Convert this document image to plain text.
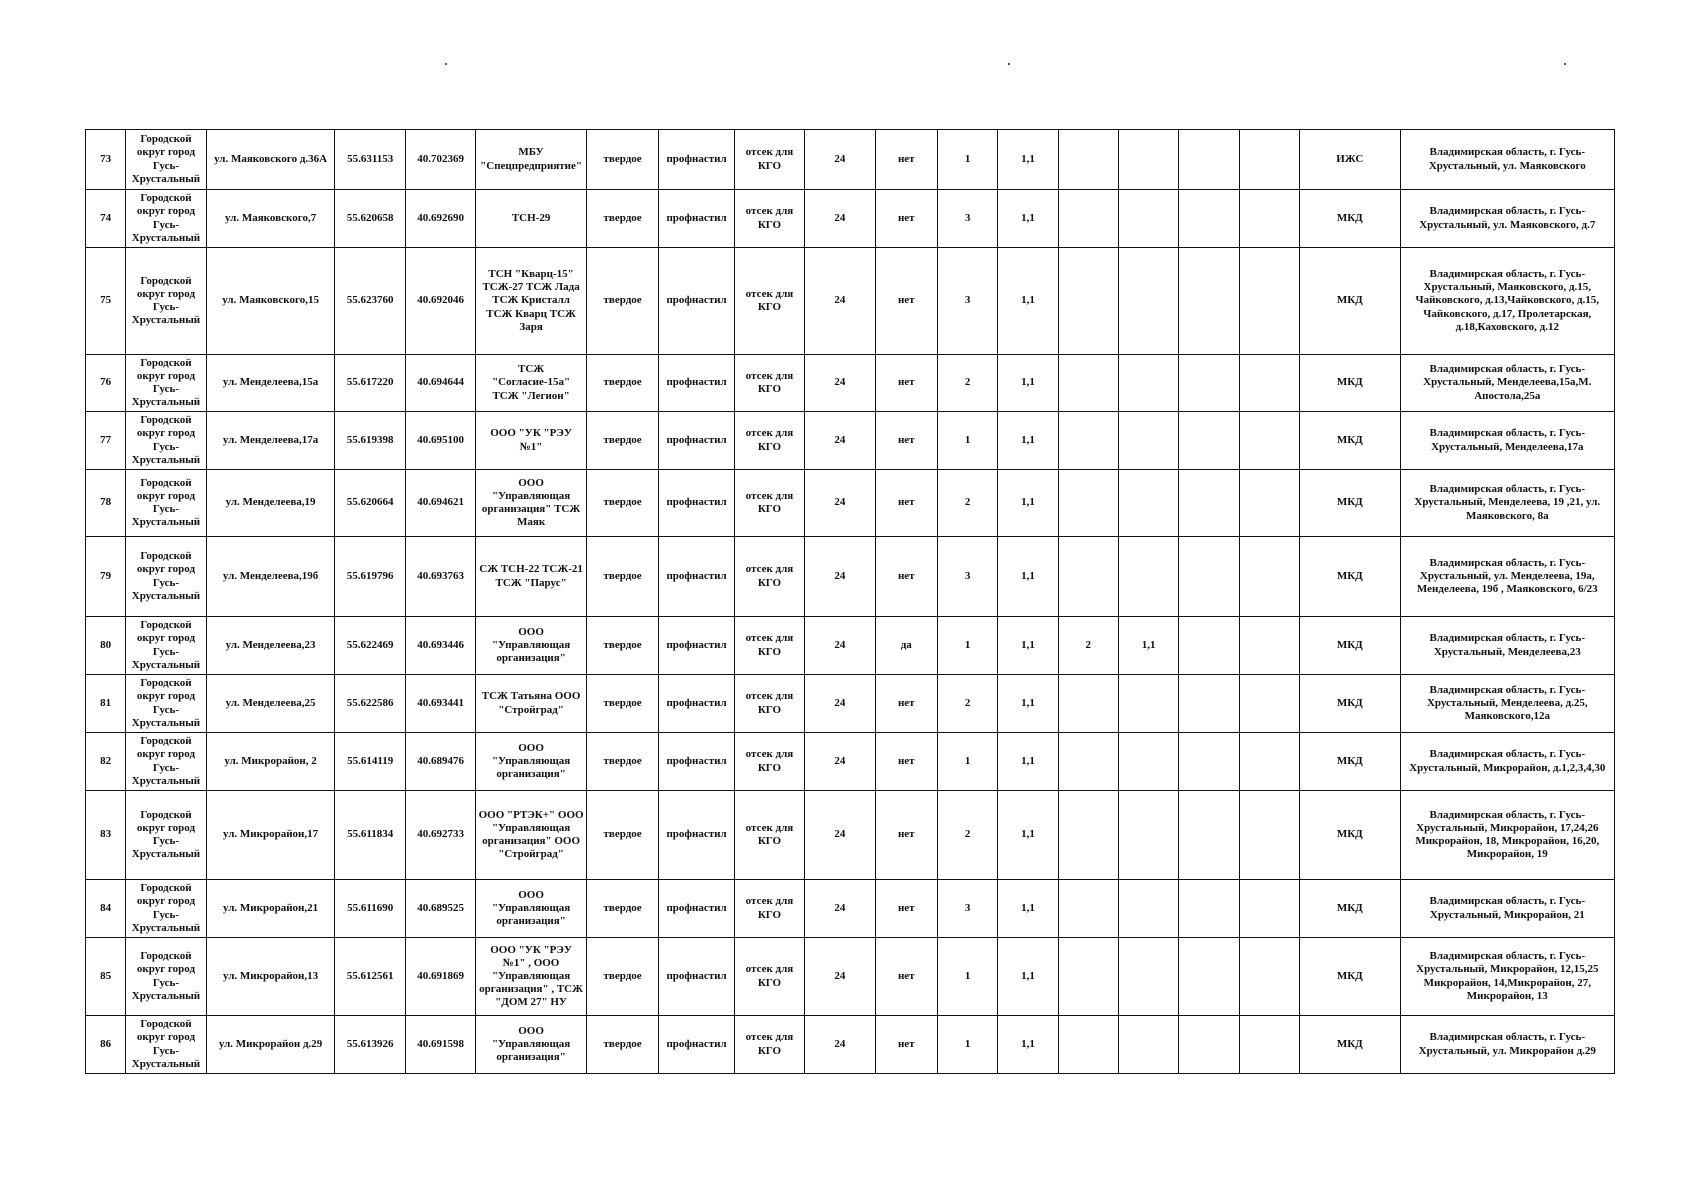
73	Городской округ город Гусь-Хрустальный	ул. Маяковского д.36А	55.631153	40.702369	МБУ "Спецпредприятие"	твердое	профнастил	отсек для КГО	24	нет	1	1,1					ИЖС	Владимирская область, г. Гусь-Хрустальный, ул. Маяковского
74	Городской округ город Гусь-Хрустальный	ул. Маяковского,7	55.620658	40.692690	ТСН-29	твердое	профнастил	отсек для КГО	24	нет	3	1,1					МКД	Владимирская область, г. Гусь-Хрустальный, ул. Маяковского, д.7
75	Городской округ город Гусь-Хрустальный	ул. Маяковского,15	55.623760	40.692046	ТСН "Кварц-15" ТСЖ-27 ТСЖ Лада ТСЖ Кристалл ТСЖ Кварц ТСЖ Заря	твердое	профнастил	отсек для КГО	24	нет	3	1,1					МКД	Владимирская область, г. Гусь-Хрустальный, Маяковского, д.15, Чайковского, д.13,Чайковского, д.15, Чайковского, д.17, Пролетарская, д.18,Каховского, д.12
76	Городской округ город Гусь-Хрустальный	ул. Менделеева,15а	55.617220	40.694644	ТСЖ "Согласие-15а" ТСЖ "Легион"	твердое	профнастил	отсек для КГО	24	нет	2	1,1					МКД	Владимирская область, г. Гусь-Хрустальный, Менделеева,15а,М. Апостола,25а
77	Городской округ город Гусь-Хрустальный	ул. Менделеева,17а	55.619398	40.695100	ООО "УК "РЭУ №1"	твердое	профнастил	отсек для КГО	24	нет	1	1,1					МКД	Владимирская область, г. Гусь-Хрустальный, Менделеева,17а
78	Городской округ город Гусь-Хрустальный	ул. Менделеева,19	55.620664	40.694621	ООО "Управляющая организация" ТСЖ Маяк	твердое	профнастил	отсек для КГО	24	нет	2	1,1					МКД	Владимирская область, г. Гусь-Хрустальный, Менделеева, 19 ,21, ул. Маяковского, 8а
79	Городской округ город Гусь-Хрустальный	ул. Менделеева,19б	55.619796	40.693763	СЖ ТСН-22 ТСЖ-21 ТСЖ "Парус"	твердое	профнастил	отсек для КГО	24	нет	3	1,1					МКД	Владимирская область, г. Гусь-Хрустальный, ул. Менделеева, 19а, Менделеева, 19б , Маяковского, 6/23
80	Городской округ город Гусь-Хрустальный	ул. Менделеева,23	55.622469	40.693446	ООО "Управляющая организация"	твердое	профнастил	отсек для КГО	24	да	1	1,1	2	1,1			МКД	Владимирская область, г. Гусь-Хрустальный, Менделеева,23
81	Городской округ город Гусь-Хрустальный	ул. Менделеева,25	55.622586	40.693441	ТСЖ Татьяна ООО "Стройград"	твердое	профнастил	отсек для КГО	24	нет	2	1,1					МКД	Владимирская область, г. Гусь-Хрустальный, Менделеева, д.25, Маяковского,12а
82	Городской округ город Гусь-Хрустальный	ул. Микрорайон, 2	55.614119	40.689476	ООО "Управляющая организация"	твердое	профнастил	отсек для КГО	24	нет	1	1,1					МКД	Владимирская область, г. Гусь-Хрустальный, Микрорайон, д.1,2,3,4,30
83	Городской округ город Гусь-Хрустальный	ул. Микрорайон,17	55.611834	40.692733	ООО "РТЭК+" ООО "Управляющая организация" ООО "Стройград"	твердое	профнастил	отсек для КГО	24	нет	2	1,1					МКД	Владимирская область, г. Гусь-Хрустальный, Микрорайон, 17,24,26 Микрорайон, 18, Микрорайон, 16,20, Микрорайон, 19
84	Городской округ город Гусь-Хрустальный	ул. Микрорайон,21	55.611690	40.689525	ООО "Управляющая организация"	твердое	профнастил	отсек для КГО	24	нет	3	1,1					МКД	Владимирская область, г. Гусь-Хрустальный, Микрорайон, 21
85	Городской округ город Гусь-Хрустальный	ул. Микрорайон,13	55.612561	40.691869	ООО "УК "РЭУ №1" , ООО "Управляющая организация" , ТСЖ "ДОМ 27" НУ	твердое	профнастил	отсек для КГО	24	нет	1	1,1					МКД	Владимирская область, г. Гусь-Хрустальный, Микрорайон, 12,15,25 Микрорайон, 14,Микрорайон, 27, Микрорайон, 13
86	Городской округ город Гусь-Хрустальный	ул. Микрорайон д.29	55.613926	40.691598	ООО "Управляющая организация"	твердое	профнастил	отсек для КГО	24	нет	1	1,1					МКД	Владимирская область, г. Гусь-Хрустальный, ул. Микрорайон д.29
